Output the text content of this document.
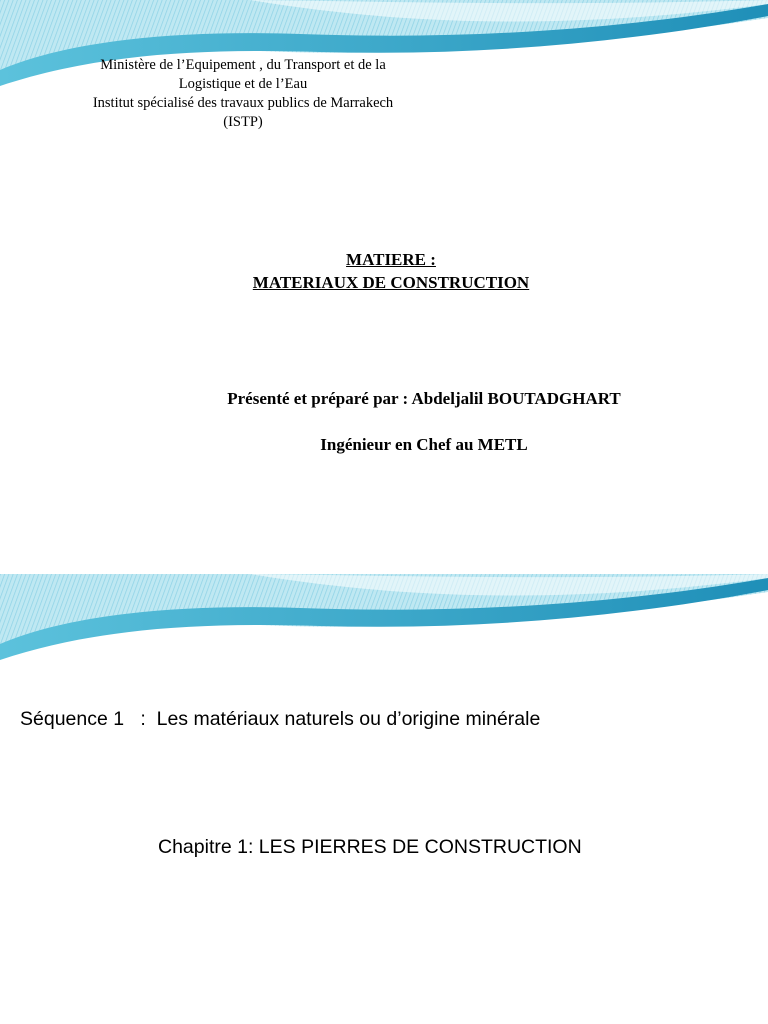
Ministère de l’Equipement , du Transport et de la
Logistique et de l’Eau
Institut spécialisé des travaux publics de Marrakech
(ISTP)
MATIERE :
MATERIAUX DE CONSTRUCTION
Présenté et préparé par : Abdeljalil BOUTADGHART
Ingénieur en Chef au METL
Séquence 1   :  Les matériaux naturels ou d’origine minérale
Chapitre 1: LES PIERRES DE CONSTRUCTION
